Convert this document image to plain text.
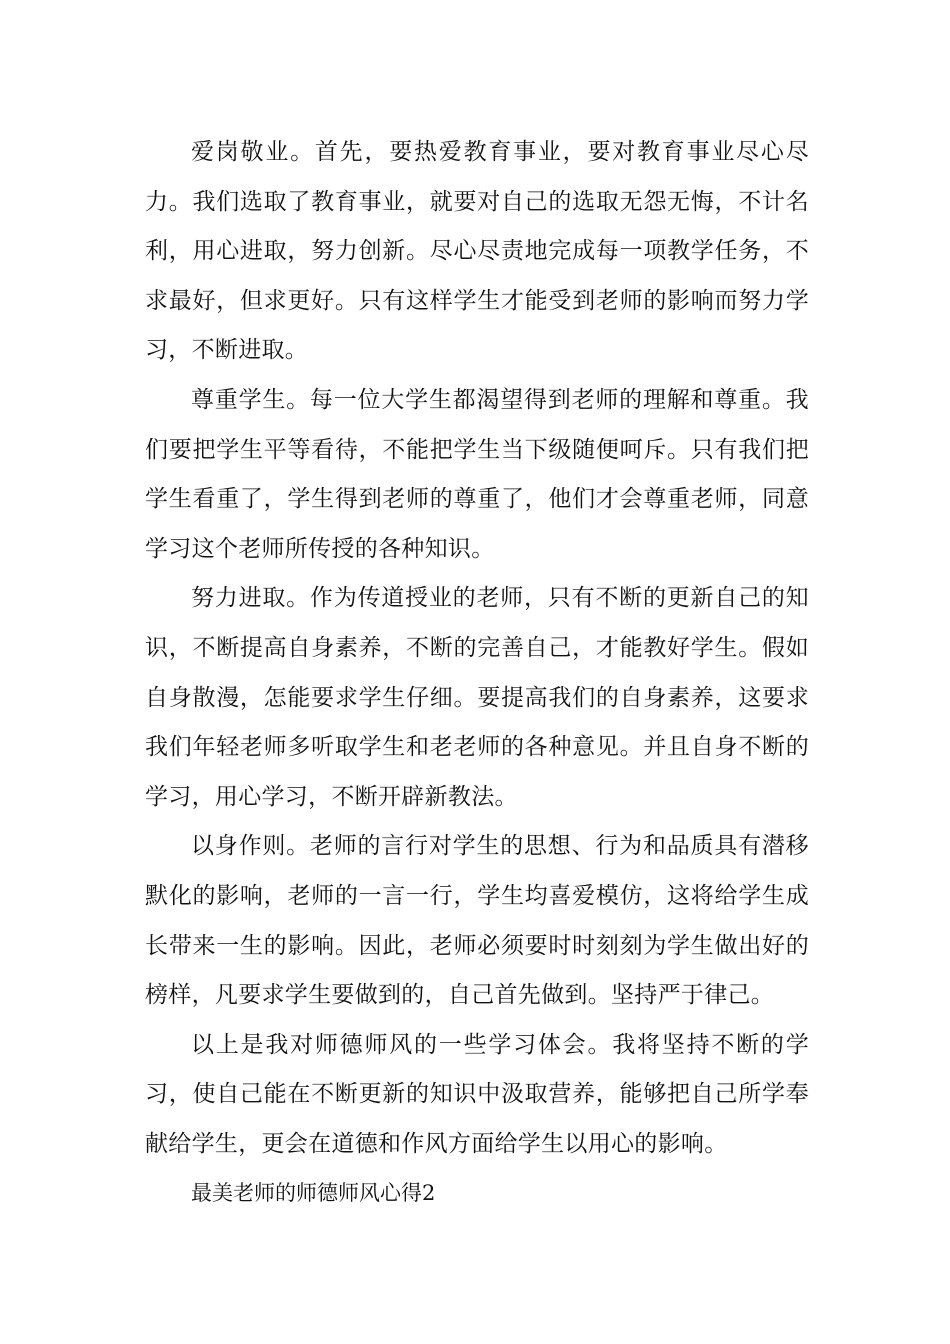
爱岗敬业。首先，要热爱教育事业，要对教育事业尽心尽力。我们选取了教育事业，就要对自己的选取无怨无悔，不计名利，用心进取，努力创新。尽心尽责地完成每一项教学任务，不求最好，但求更好。只有这样学生才能受到老师的影响而努力学习，不断进取。

尊重学生。每一位大学生都渴望得到老师的理解和尊重。我们要把学生平等看待，不能把学生当下级随便呵斥。只有我们把学生看重了，学生得到老师的尊重了，他们才会尊重老师，同意学习这个老师所传授的各种知识。

努力进取。作为传道授业的老师，只有不断的更新自己的知识，不断提高自身素养，不断的完善自己，才能教好学生。假如自身散漫，怎能要求学生仔细。要提高我们的自身素养，这要求我们年轻老师多听取学生和老老师的各种意见。并且自身不断的学习，用心学习，不断开辟新教法。

以身作则。老师的言行对学生的思想、行为和品质具有潜移默化的影响，老师的一言一行，学生均喜爱模仿，这将给学生成长带来一生的影响。因此，老师必须要时时刻刻为学生做出好的榜样，凡要求学生要做到的，自己首先做到。坚持严于律己。

以上是我对师德师风的一些学习体会。我将坚持不断的学习，使自己能在不断更新的知识中汲取营养，能够把自己所学奉献给学生，更会在道德和作风方面给学生以用心的影响。

最美老师的师德师风心得2
